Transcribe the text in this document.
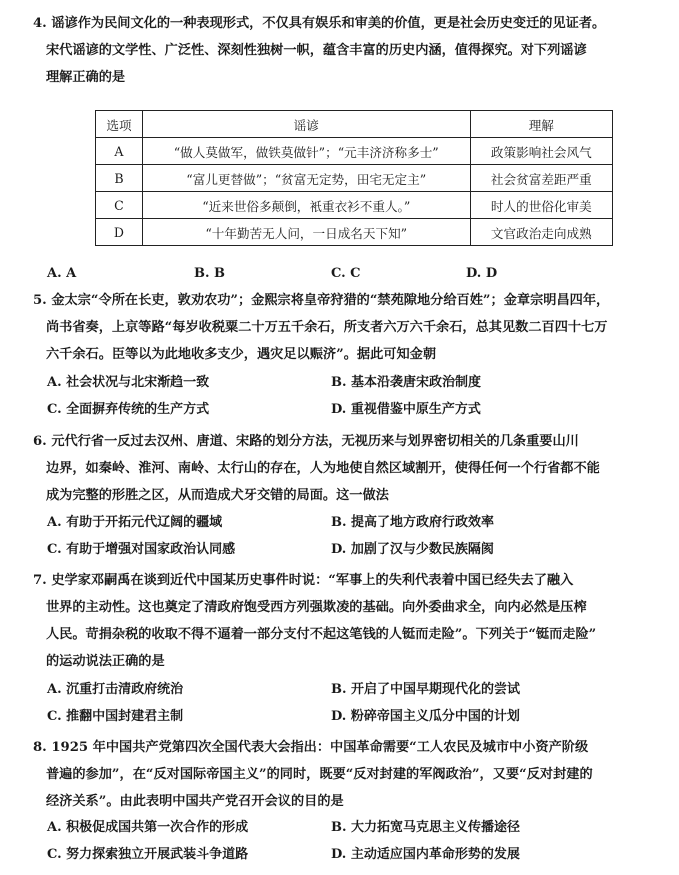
4. 谣谚作为民间文化的一种表现形式，不仅具有娱乐和审美的价值，更是社会历史变迁的见证者。
宋代谣谚的文学性、广泛性、深刻性独树一帜，蕴含丰富的历史内涵，值得探究。对下列谣谚
理解正确的是
选项	谣谚	理解
A	“做人莫做军，做铁莫做针”；“元丰济济称多士”	政策影响社会风气
B	“富儿更替做”；“贫富无定势，田宅无定主”	社会贫富差距严重
C	“近来世俗多颠倒，衹重衣衫不重人。”	时人的世俗化审美
D	“十年勤苦无人问，一日成名天下知”	文官政治走向成熟
A. A	B. B	C. C	D. D
5. 金太宗“令所在长吏，敦劝农功”；金熙宗将皇帝狩猎的“禁苑隙地分给百姓”；金章宗明昌四年，
尚书省奏，上京等路“每岁收税粟二十万五千余石，所支者六万六千余石，总其见数二百四十七万
六千余石。臣等以为此地收多支少，遇灾足以赈济”。据此可知金朝
A. 社会状况与北宋渐趋一致	B. 基本沿袭唐宋政治制度
C. 全面摒弃传统的生产方式	D. 重视借鉴中原生产方式
6. 元代行省一反过去汉州、唐道、宋路的划分方法，无视历来与划界密切相关的几条重要山川
边界，如秦岭、淮河、南岭、太行山的存在，人为地使自然区域割开，使得任何一个行省都不能
成为完整的形胜之区，从而造成犬牙交错的局面。这一做法
A. 有助于开拓元代辽阔的疆域	B. 提高了地方政府行政效率
C. 有助于增强对国家政治认同感	D. 加剧了汉与少数民族隔阂
7. 史学家邓嗣禹在谈到近代中国某历史事件时说：“军事上的失利代表着中国已经失去了融入
世界的主动性。这也奠定了清政府饱受西方列强欺凌的基础。向外委曲求全，向内必然是压榨
人民。苛捐杂税的收取不得不逼着一部分支付不起这笔钱的人铤而走险”。下列关于“铤而走险”
的运动说法正确的是
A. 沉重打击清政府统治	B. 开启了中国早期现代化的尝试
C. 推翻中国封建君主制	D. 粉碎帝国主义瓜分中国的计划
8. 1925 年中国共产党第四次全国代表大会指出：中国革命需要“工人农民及城市中小资产阶级
普遍的参加”，在“反对国际帝国主义”的同时，既要“反对封建的军阀政治”，又要“反对封建的
经济关系”。由此表明中国共产党召开会议的目的是
A. 积极促成国共第一次合作的形成	B. 大力拓宽马克思主义传播途径
C. 努力探索独立开展武装斗争道路	D. 主动适应国内革命形势的发展
